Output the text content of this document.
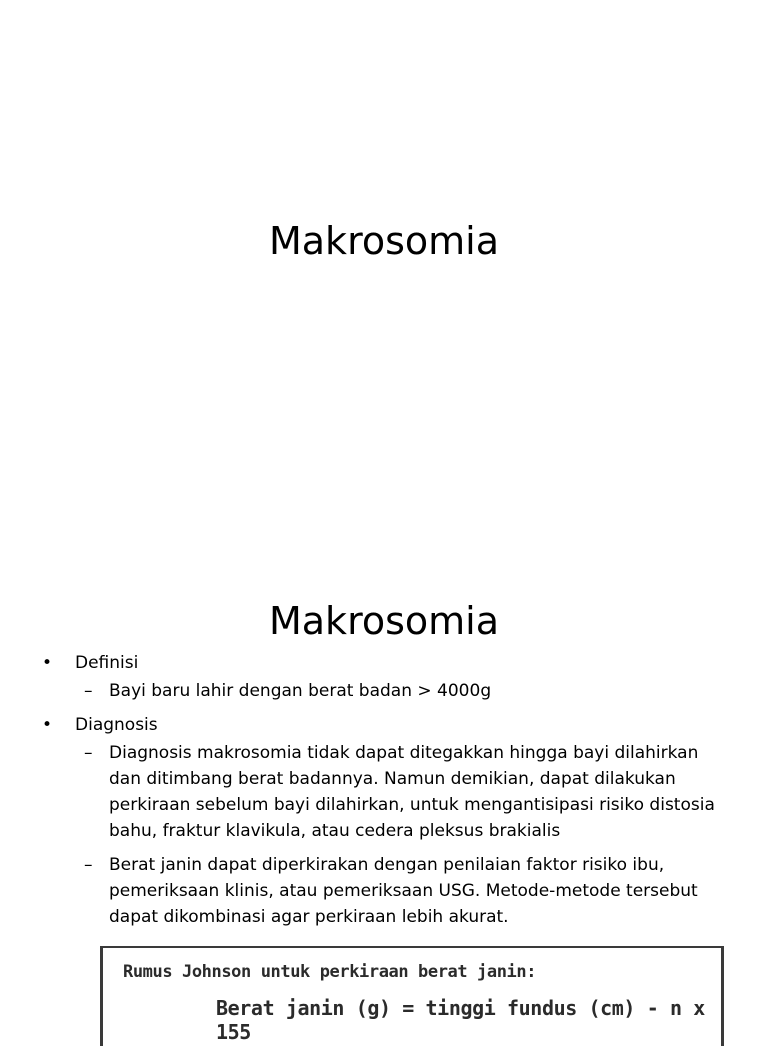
Makrosomia
Makrosomia
• Definisi
– Bayi baru lahir dengan berat badan > 4000g
• Diagnosis
– Diagnosis makrosomia tidak dapat ditegakkan hingga bayi dilahirkan dan ditimbang berat badannya. Namun demikian, dapat dilakukan perkiraan sebelum bayi dilahirkan, untuk mengantisipasi risiko distosia bahu, fraktur klavikula, atau cedera pleksus brakialis
– Berat janin dapat diperkirakan dengan penilaian faktor risiko ibu, pemeriksaan klinis, atau pemeriksaan USG. Metode-metode tersebut dapat dikombinasi agar perkiraan lebih akurat.
Rumus Johnson untuk perkiraan berat janin:
Berat janin (g) = tinggi fundus (cm) - n x 155
